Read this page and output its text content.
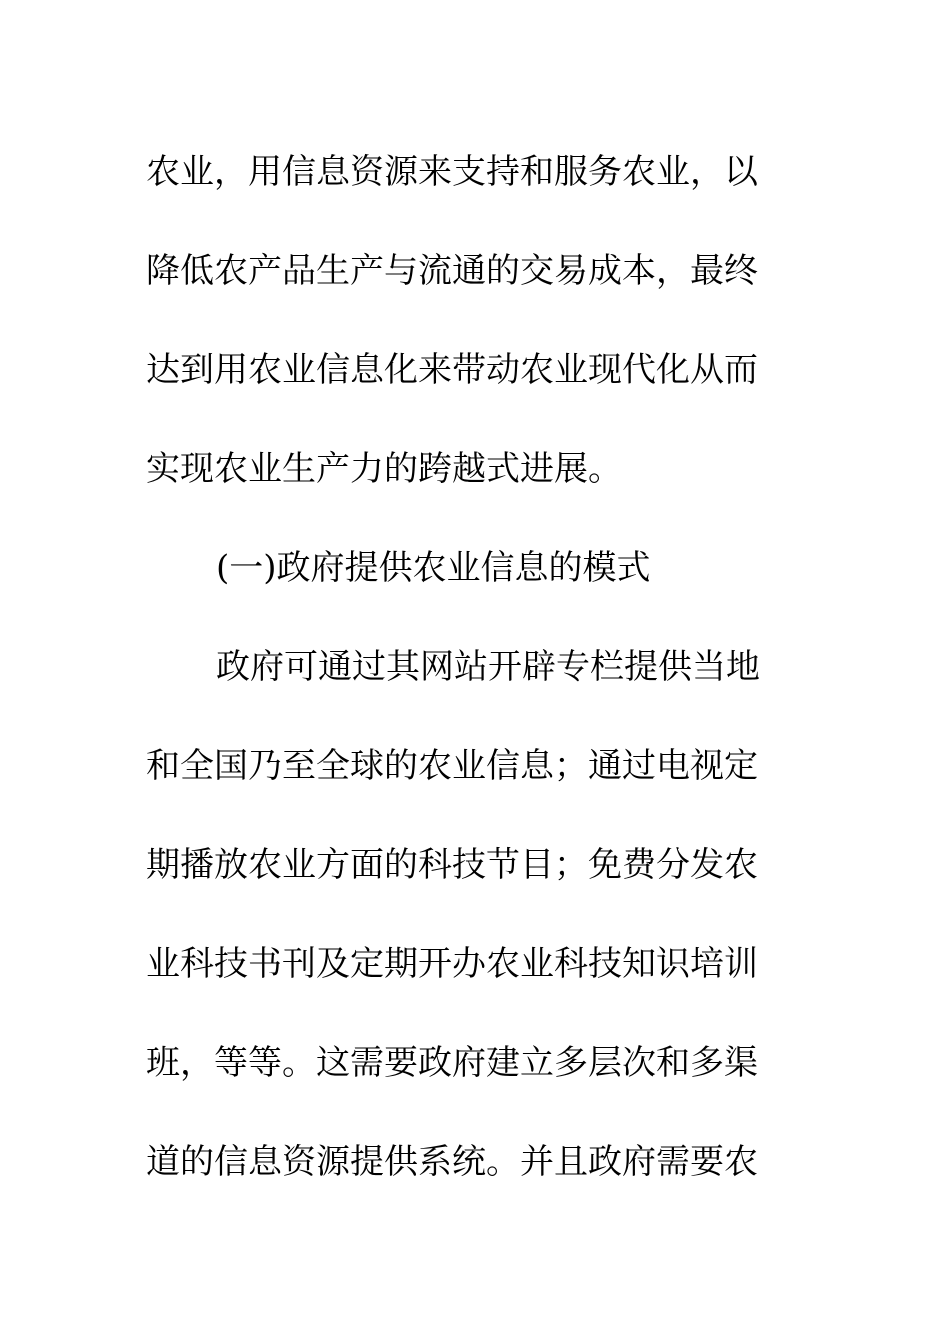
农业，用信息资源来支持和服务农业，以
降低农产品生产与流通的交易成本，最终
达到用农业信息化来带动农业现代化从而
实现农业生产力的跨越式进展。
(一)政府提供农业信息的模式
政府可通过其网站开辟专栏提供当地
和全国乃至全球的农业信息；通过电视定
期播放农业方面的科技节目；免费分发农
业科技书刊及定期开办农业科技知识培训
班，等等。这需要政府建立多层次和多渠
道的信息资源提供系统。并且政府需要农
